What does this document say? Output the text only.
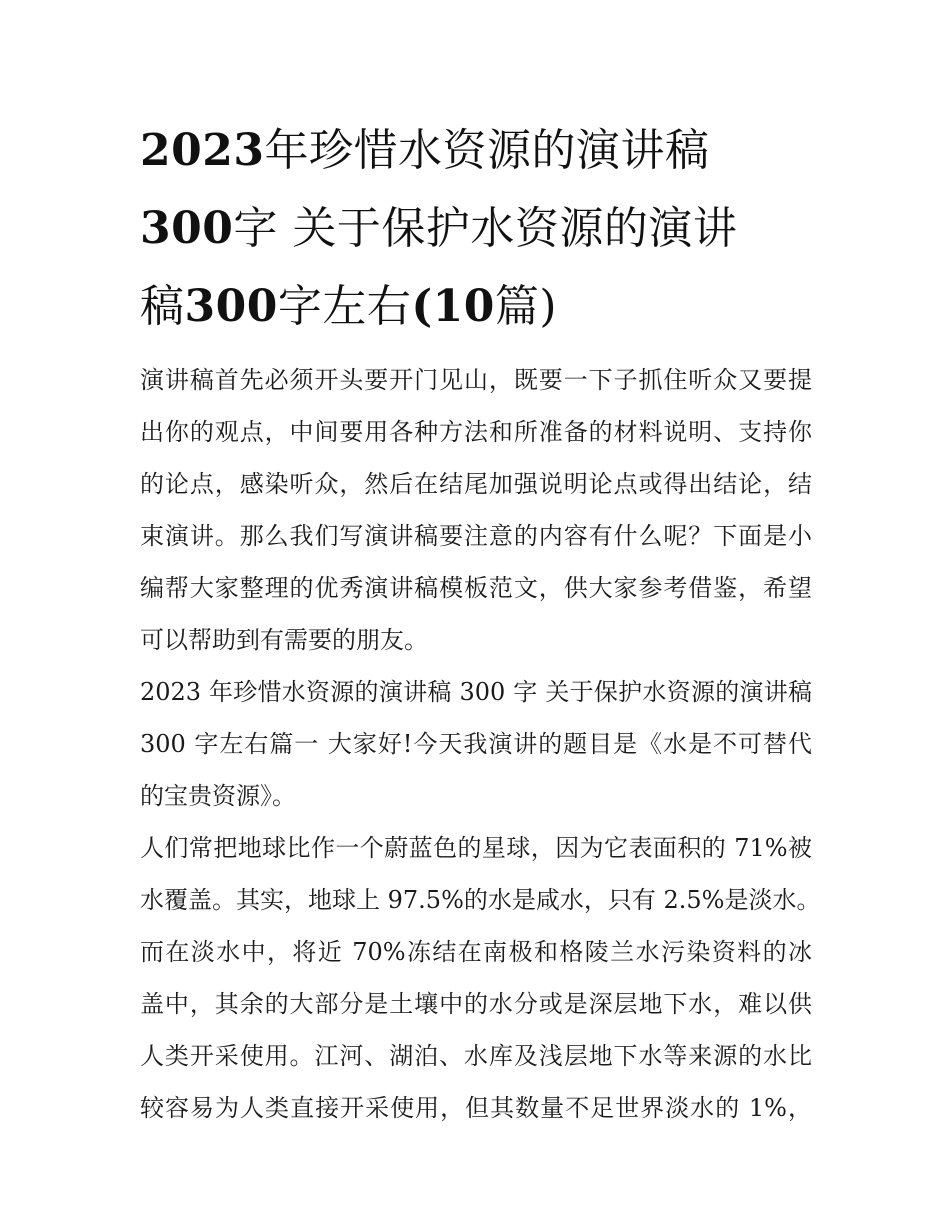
2023年珍惜水资源的演讲稿
300字 关于保护水资源的演讲
稿300字左右(10篇)

演讲稿首先必须开头要开门见山，既要一下子抓住听众又要提
出你的观点，中间要用各种方法和所准备的材料说明、支持你
的论点，感染听众，然后在结尾加强说明论点或得出结论，结
束演讲。那么我们写演讲稿要注意的内容有什么呢？下面是小
编帮大家整理的优秀演讲稿模板范文，供大家参考借鉴，希望
可以帮助到有需要的朋友。

2023 年珍惜水资源的演讲稿 300 字 关于保护水资源的演讲稿
300 字左右篇一 大家好!今天我演讲的题目是《水是不可替代
的宝贵资源》。

人们常把地球比作一个蔚蓝色的星球，因为它表面积的 71%被
水覆盖。其实，地球上 97.5%的水是咸水，只有 2.5%是淡水。
而在淡水中，将近 70%冻结在南极和格陵兰水污染资料的冰
盖中，其余的大部分是土壤中的水分或是深层地下水，难以供
人类开采使用。江河、湖泊、水库及浅层地下水等来源的水比
较容易为人类直接开采使用，但其数量不足世界淡水的 1%，
